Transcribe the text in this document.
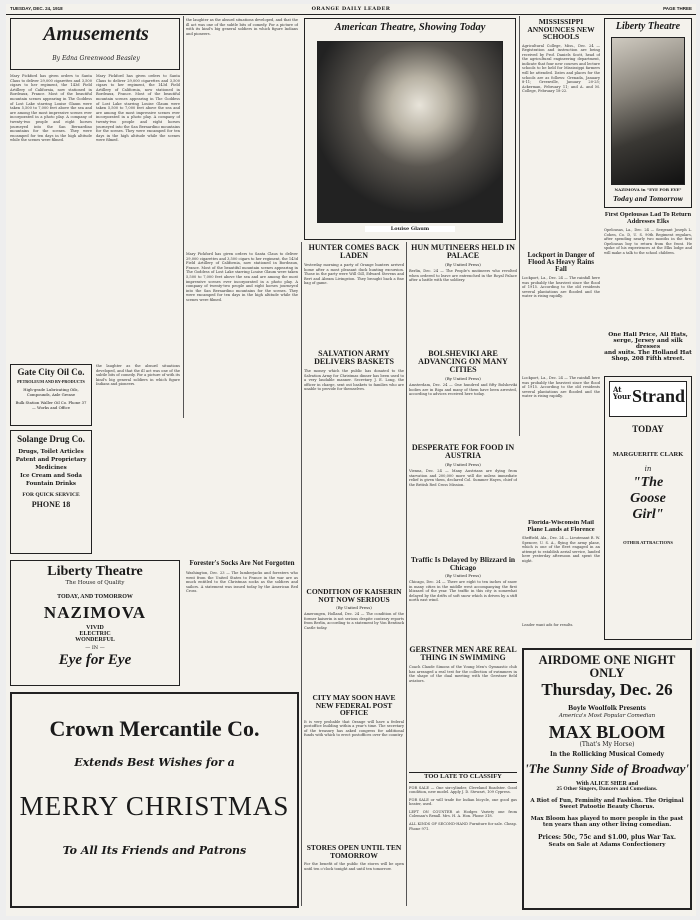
TUESDAY, DEC. 24, 1918	ORANGE DAILY LEADER	PAGE THREE
Amusements
By Edna Greenwood Beasley
Mary Pickford has given orders to Santa Claus to deliver 29,000 cigarettes and 3,500 cigars to her regiment, the 143d Field Artillery of California, now stationed in Bordeaux, France. Most of the beautiful mountain scenes appearing in The Goddess of Lost Lake starring Louise Glaum were taken 5,500 to 7,000 feet above the sea and are among the most impressive scenes ever incorporated in a photo play. A company of twenty-two people and eight horses journeyed into the San Bernardino mountains for the scenes. They were encamped for ten days in the high altitude while the scenes were filmed.
Mary Pickford has given orders to Santa Claus to deliver 29,000 cigarettes and 3,500 cigars to her regiment, the 143d Field Artillery of California, now stationed in Bordeaux, France. Most of the beautiful mountain scenes appearing in The Goddess of Lost Lake starring Louise Glaum were taken 5,500 to 7,000 feet above the sea and are among the most impressive scenes ever incorporated in a photo play. A company of twenty-two people and eight horses journeyed into the San Bernardino mountains for the scenes. They were encamped for ten days in the high altitude while the scenes were filmed.
Gate City Oil Co.
PETROLEUM AND BY-PRODUCTS
High-grade Lubricating Oils, Compounds, Axle Grease
Bulk Station Waller Oil Co. Phone 37 — Works and Office
Solange Drug Co.
Drugs, Toilet Articles
Patent and Proprietary
Medicines
Ice Cream and Soda
Fountain Drinks
FOR QUICK SERVICE
PHONE 18
the laughter as the absurd situations developed, and that the ill act was one of the subtle bits of comedy. For a picture of with its kind's big general soldiers in which figure Indians and pioneers.
Liberty Theatre
The House of Quality
TODAY, AND TOMORROW
NAZIMOVA
VIVID
ELECTRIC
WONDERFUL
— IN —
Eye for Eye
the laughter as the absurd situations developed, and that the ill act was one of the subtle bits of comedy. For a picture of with its kind's big general soldiers in which figure Indians and pioneers.
Forester's Socks Are Not Forgotten
Washington, Dec. 23 — The lumberjacks and foresters who went from the United States to France in the war are as much entitled to the Christmas socks as the soldiers and sailors. A statement was issued today by the American Red Cross.
Mary Pickford has given orders to Santa Claus to deliver 29,000 cigarettes and 3,500 cigars to her regiment, the 143d Field Artillery of California, now stationed in Bordeaux, France. Most of the beautiful mountain scenes appearing in The Goddess of Lost Lake starring Louise Glaum were taken 5,500 to 7,000 feet above the sea and are among the most impressive scenes ever incorporated in a photo play. A company of twenty-two people and eight horses journeyed into the San Bernardino mountains for the scenes. They were encamped for ten days in the high altitude while the scenes were filmed.
Crown Mercantile Co.
Extends Best Wishes for a
MERRY CHRISTMAS
To All Its Friends and Patrons
American Theatre, Showing Today
Louise Glaum
HUNTER COMES BACK LADEN
Yesterday morning a party of Orange hunters arrived home after a most pleasant duck hunting excursion. Those in the party were Will Gill, Edward Stevens and Bert and Abram Livingston. They brought back a fine bag of game.
SALVATION ARMY DELIVERS BASKETS
The money which the public has donated to the Salvation Army for Christmas dinner has been used to a very laudable manner. Secretary J. E. Long, the officer in charge, sent out baskets to families who are unable to provide for themselves.
CONDITION OF KAISERIN NOT NOW SERIOUS
(By United Press)
Amerongen, Holland, Dec. 24 — The condition of the former kaiserin is not serious despite contrary reports from Berlin, according to a statement by Von Bentinck Castle today.
CITY MAY SOON HAVE NEW FEDERAL POST OFFICE
It is very probable that Orange will have a federal postoffice building within a year's time. The secretary of the treasury has asked congress for additional funds with which to erect postoffices over the country.
STORES OPEN UNTIL TEN TOMORROW
For the benefit of the public the stores will be open until ten o'clock tonight and until ten tomorrow.
HUN MUTINEERS HELD IN PALACE
(By United Press)
Berlin, Dec. 24 — The People's mutineers who revolted when ordered to leave are entrenched in the Royal Palace after a battle with the soldiery.
BOLSHEVIKI ARE ADVANCING ON MANY CITIES
(By United Press)
Amsterdam, Dec. 24 — One hundred and fifty Bolsheviki bodies are in Riga and many of them have been arrested, according to advices received here today.
DESPERATE FOR FOOD IN AUSTRIA
(By United Press)
Vienna, Dec. 24 — Many Austrians are dying from starvation and 200,000 more will die unless immediate relief is given them, declared Col. Summer Hayes, chief of the British Red Cross Mission.
Traffic Is Delayed by Blizzard in Chicago
(By United Press)
Chicago, Dec. 24 — There are eight to ten inches of snow in many cities in the middle west accompanying the first blizzard of the year. The traffic in this city is somewhat delayed by the drifts of soft snow which is driven by a stiff north east wind.
GERSTNER MEN ARE REAL THING IN SWIMMING
Coach Claude Simons of the Young Men's Gymnastic club has arranged a real test for the collection of swimmers in the shape of the dual meeting with the Gerstner field aviators.
TOO LATE TO CLASSIFY
FOR SALE — One six-cylinder, Cleveland Roadster. Good condition, new model. Apply J. D. Stewart, 109 Cypress.
FOR SALE or will trade for Indian bicycle, one good gas heater, used.
LEFT ON COUNTER at Hodges Variety one from Coleman's Rexall. Mrs. H. A. Hon. Phone 318.
ALL KINDS OF SECOND-HAND Furniture for sale. Cheap. Phone 971.
MISSISSIPPI ANNOUNCES NEW SCHOOLS
Agricultural College, Miss., Dec. 24 — Registration and instruction are being received by Prof. Daniels Scott, head of the agricultural engineering department, indicate that four new courses and lecture schools to be held for Mississippi farmers will be attended. Dates and places for the schools are as follows: Grenada, January 8-11; Greenville, January 20-25; Ackerman, February 11; and A. and M. College, February 18-22.
Lockport in Danger of Flood As Heavy Rains Fall
Lockport, La., Dec. 24 — The rainfall here was probably the heaviest since the flood of 1915. According to the old residents several plantations are flooded and the water is rising rapidly.
Liberty Theatre
NAZIMOVA in "EYE FOR EYE"
Today and Tomorrow
First Opelousas Lad To Return Addresses Elks
Opelousas, La., Dec. 24 — Sergeant Joseph L. Cohen, Co. D, U. S. 90th Regiment regulars, after spending nearly two months in the first Opelousas boy to return from the front. He spoke of his experiences at the Elks lodge and will make a talk to the school children.
One Hall Price, All Hats,
serge, Jersey and silk dresses
and suits. The Holland Hat
Shop, 208 Fifth street.
At Your Strand
TODAY
MARGUERITE CLARK
in
"The
Goose
Girl"
OTHER ATTRACTIONS
Florida-Wisconsin Mail Plane Lands at Florence
Sheffield, Ala., Dec. 24 — Lieutenant R. W. Spencer, U. S. A., flying the army plane, which is one of the fleet engaged in an attempt to establish aerial service, landed here yesterday afternoon and spent the night.
Leader want ads for results.
Lockport, La., Dec. 24 — The rainfall here was probably the heaviest since the flood of 1915. According to the old residents several plantations are flooded and the water is rising rapidly.
AIRDOME ONE NIGHT ONLY
Thursday, Dec. 26
Boyle Woolfolk Presents
America's Most Popular Comedian
MAX BLOOM
(That's My Horse)
In the Rollicking Musical Comedy
'The Sunny Side of Broadway'
With ALICE SHER and
25 Other Singers, Dancers and Comedians.
A Riot of Fun, Feminity and Fashion. The Original Sweet Patootie Beauty Chorus.
Max Bloom has played to more people in the past ten years than any other living comedian.
Prices: 50c, 75c and $1.00, plus War Tax.
Seats on Sale at Adams Confectionery
